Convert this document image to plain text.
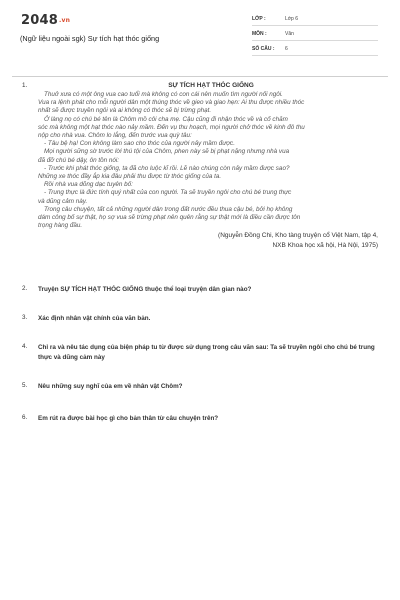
2048.vn
(Ngữ liệu ngoài sgk) Sự tích hạt thóc giống
LỚP :	Lớp 6
MÔN :	Văn
SỐ CÂU : 6
1.	SỰ TÍCH HẠT THÓC GIỐNG
Thuở xưa có một ông vua cao tuổi mà không có con cái nên muốn tìm người nối ngôi.
Vua ra lệnh phát cho mỗi người dân một thúng thóc về gieo và giao hẹn: Ai thu được nhiều thóc
nhất sẽ được truyền ngôi và ai không có thóc sẽ bị trừng phạt.
Ở làng nọ có chú bé tên là Chôm mồ côi cha mẹ. Cậu cũng đi nhận thóc về và cố chăm
sóc mà không một hạt thóc nào nảy mầm. Đến vụ thu hoạch, mọi người chở thóc về kinh đô thu
nộp cho nhà vua. Chôm lo lắng, đến trước vua quỳ tâu:
- Tâu bệ hạ! Con không làm sao cho thóc của người nảy mầm được.
Mọi người sững sờ trước lời thú tội của Chôm, phen này sẽ bị phạt nặng nhưng nhà vua
đã đỡ chú bé dậy, ôn tồn nói:
- Trước khi phát thóc giống, ta đã cho luộc kĩ rồi. Lẽ nào chúng còn nảy mầm được sao?
Những xe thóc đầy ắp kia đâu phải thu được từ thóc giống của ta.
Rồi nhà vua dõng dạc tuyên bố:
- Trung thực là đức tính quý nhất của con người. Ta sẽ truyền ngôi cho chú bé trung thực
và dũng cảm này.
Trong câu chuyện, tất cả những người dân trong đất nước đều thua cậu bé, bởi họ không
dám công bố sự thật, họ sợ vua sẽ trừng phạt nên quên rằng sự thật mới là điều cần được tôn
trọng hàng đầu.
(Nguyễn Đồng Chi, Kho tàng truyện cổ Việt Nam, tập 4,
NXB Khoa học xã hội, Hà Nội, 1975)
2. Truyện SỰ TÍCH HẠT THÓC GIỐNG thuộc thể loại truyện dân gian nào?
3. Xác định nhân vật chính của văn bản.
4. Chỉ ra và nêu tác dụng của biện pháp tu từ được sử dụng trong câu văn sau: Ta sẽ truyền ngôi cho chú bé trung thực và dũng cảm này
5. Nêu những suy nghĩ của em về nhân vật Chôm?
6. Em rút ra được bài học gì cho bản thân từ câu chuyện trên?
